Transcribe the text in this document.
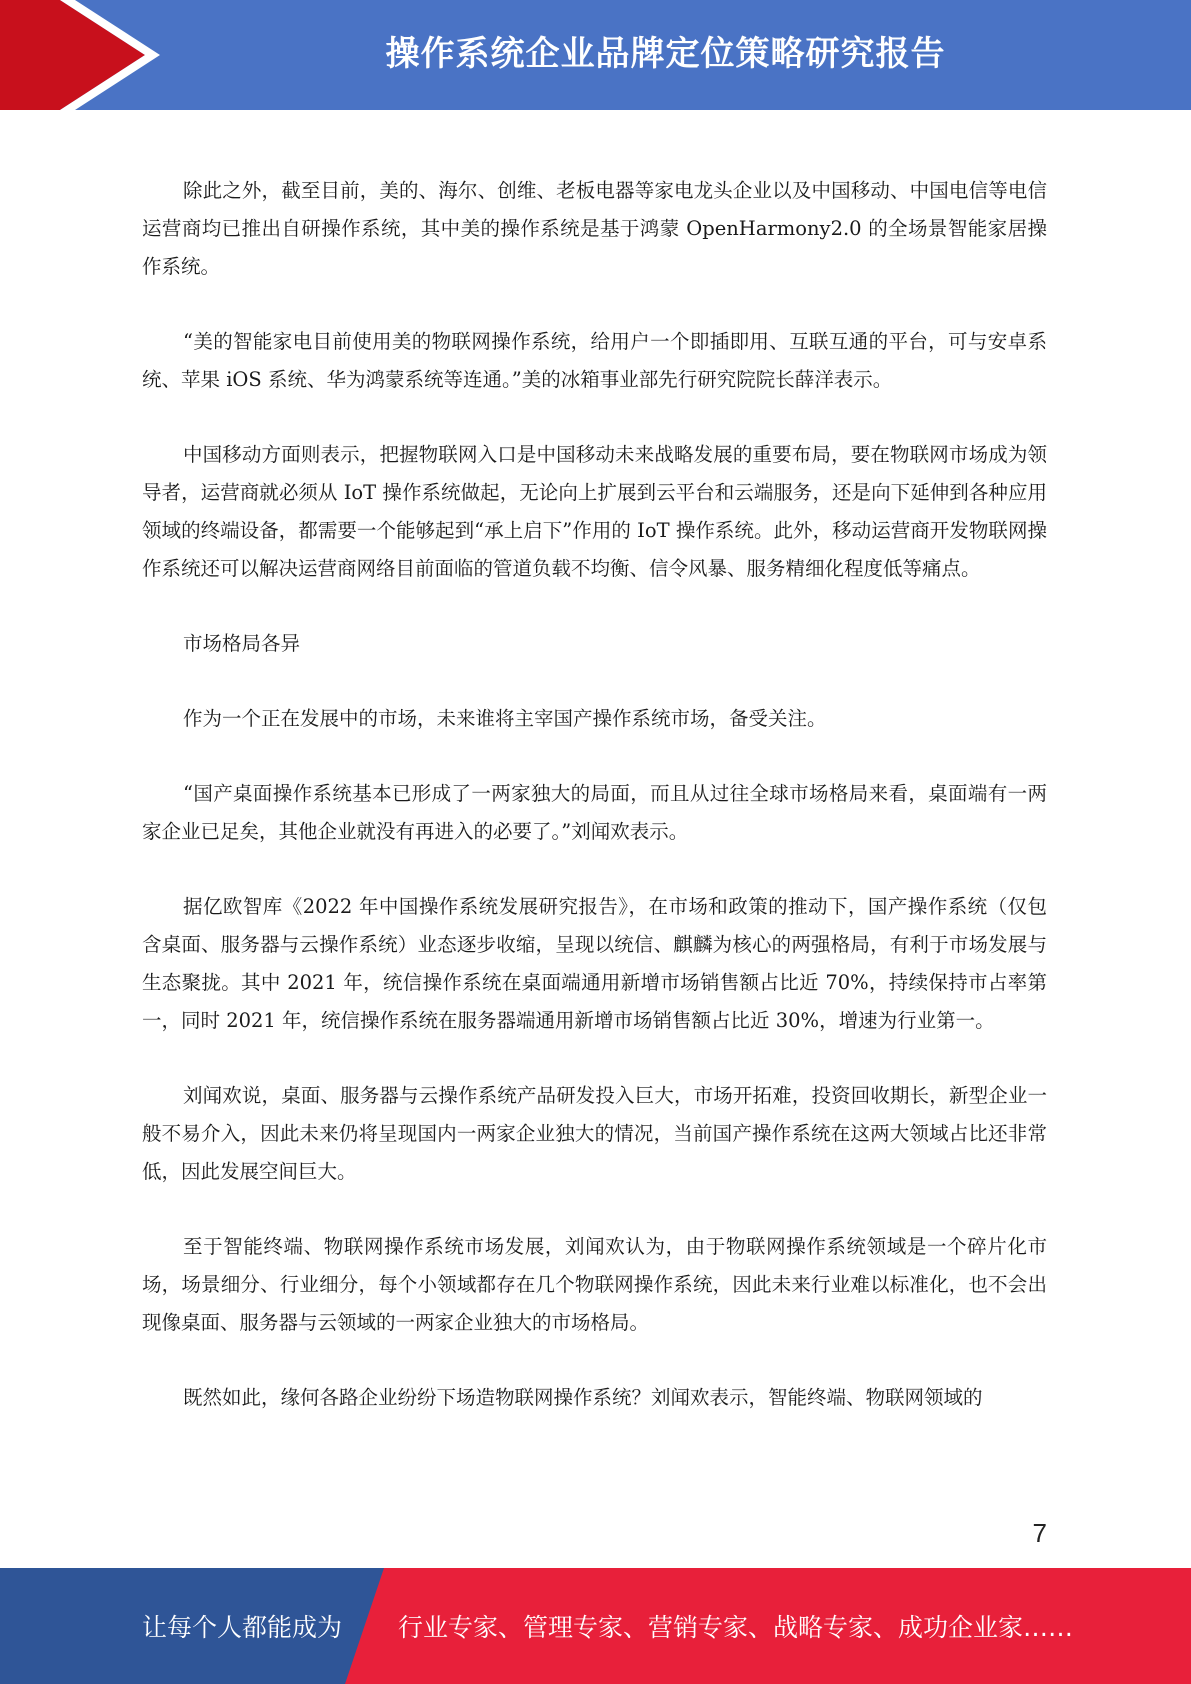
操作系统企业品牌定位策略研究报告

除此之外，截至目前，美的、海尔、创维、老板电器等家电龙头企业以及中国移动、中国电信等电信运营商均已推出自研操作系统，其中美的操作系统是基于鸿蒙 OpenHarmony2.0 的全场景智能家居操作系统。

“美的智能家电目前使用美的物联网操作系统，给用户一个即插即用、互联互通的平台，可与安卓系统、苹果 iOS 系统、华为鸿蒙系统等连通。”美的冰箱事业部先行研究院院长薛洋表示。

中国移动方面则表示，把握物联网入口是中国移动未来战略发展的重要布局，要在物联网市场成为领导者，运营商就必须从 IoT 操作系统做起，无论向上扩展到云平台和云端服务，还是向下延伸到各种应用领域的终端设备，都需要一个能够起到“承上启下”作用的 IoT 操作系统。此外，移动运营商开发物联网操作系统还可以解决运营商网络目前面临的管道负载不均衡、信令风暴、服务精细化程度低等痛点。

市场格局各异

作为一个正在发展中的市场，未来谁将主宰国产操作系统市场，备受关注。

“国产桌面操作系统基本已形成了一两家独大的局面，而且从过往全球市场格局来看，桌面端有一两家企业已足矣，其他企业就没有再进入的必要了。”刘闻欢表示。

据亿欧智库《2022 年中国操作系统发展研究报告》，在市场和政策的推动下，国产操作系统（仅包含桌面、服务器与云操作系统）业态逐步收缩，呈现以统信、麒麟为核心的两强格局，有利于市场发展与生态聚拢。其中 2021 年，统信操作系统在桌面端通用新增市场销售额占比近 70%，持续保持市占率第一，同时 2021 年，统信操作系统在服务器端通用新增市场销售额占比近 30%，增速为行业第一。

刘闻欢说，桌面、服务器与云操作系统产品研发投入巨大，市场开拓难，投资回收期长，新型企业一般不易介入，因此未来仍将呈现国内一两家企业独大的情况，当前国产操作系统在这两大领域占比还非常低，因此发展空间巨大。

至于智能终端、物联网操作系统市场发展，刘闻欢认为，由于物联网操作系统领域是一个碎片化市场，场景细分、行业细分，每个小领域都存在几个物联网操作系统，因此未来行业难以标准化，也不会出现像桌面、服务器与云领域的一两家企业独大的市场格局。

既然如此，缘何各路企业纷纷下场造物联网操作系统？刘闻欢表示，智能终端、物联网领域的

7
让每个人都能成为 行业专家、管理专家、营销专家、战略专家、成功企业家……
